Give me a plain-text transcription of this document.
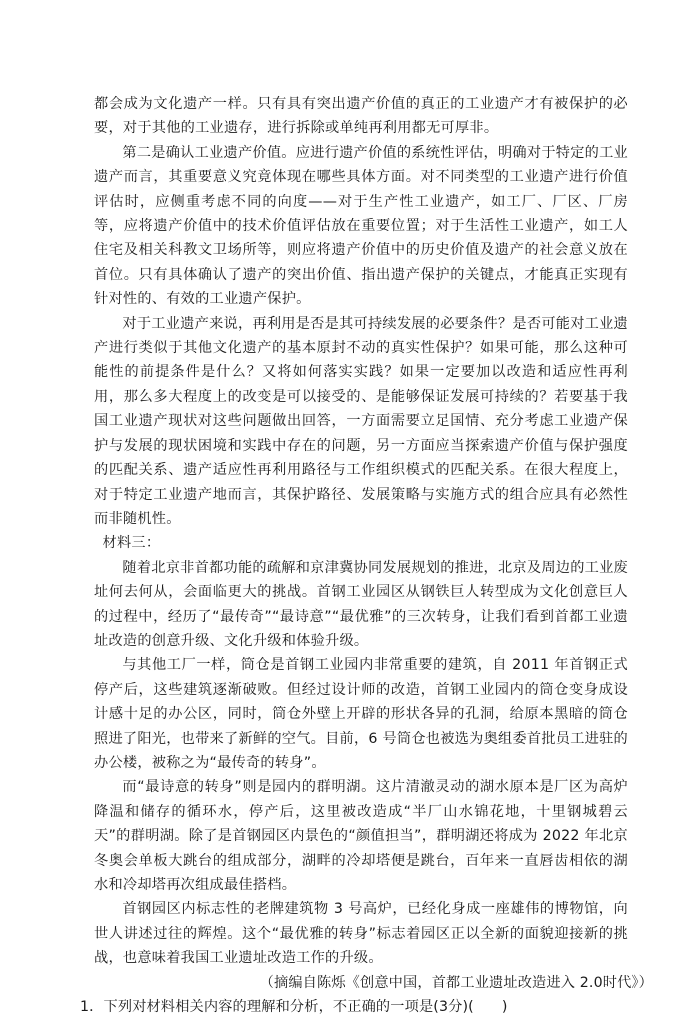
都会成为文化遗产一样。只有具有突出遗产价值的真正的工业遗产才有被保护的必要，对于其他的工业遗存，进行拆除或单纯再利用都无可厚非。

第二是确认工业遗产价值。应进行遗产价值的系统性评估，明确对于特定的工业遗产而言，其重要意义究竟体现在哪些具体方面。对不同类型的工业遗产进行价值评估时，应侧重考虑不同的向度——对于生产性工业遗产，如工厂、厂区、厂房等，应将遗产价值中的技术价值评估放在重要位置；对于生活性工业遗产，如工人住宅及相关科教文卫场所等，则应将遗产价值中的历史价值及遗产的社会意义放在首位。只有具体确认了遗产的突出价值、指出遗产保护的关键点，才能真正实现有针对性的、有效的工业遗产保护。

对于工业遗产来说，再利用是否是其可持续发展的必要条件？是否可能对工业遗产进行类似于其他文化遗产的基本原封不动的真实性保护？如果可能，那么这种可能性的前提条件是什么？又将如何落实实践？如果一定要加以改造和适应性再利用，那么多大程度上的改变是可以接受的、是能够保证发展可持续的？若要基于我国工业遗产现状对这些问题做出回答，一方面需要立足国情、充分考虑工业遗产保护与发展的现状困境和实践中存在的问题，另一方面应当探索遗产价值与保护强度的匹配关系、遗产适应性再利用路径与工作组织模式的匹配关系。在很大程度上，对于特定工业遗产地而言，其保护路径、发展策略与实施方式的组合应具有必然性而非随机性。

材料三：

随着北京非首都功能的疏解和京津冀协同发展规划的推进，北京及周边的工业废址何去何从，会面临更大的挑战。首钢工业园区从钢铁巨人转型成为文化创意巨人的过程中，经历了“最传奇”“最诗意”“最优雅”的三次转身，让我们看到首都工业遗址改造的创意升级、文化升级和体验升级。

与其他工厂一样，筒仓是首钢工业园内非常重要的建筑，自 2011 年首钢正式停产后，这些建筑逐渐破败。但经过设计师的改造，首钢工业园内的筒仓变身成设计感十足的办公区，同时，筒仓外壁上开辟的形状各异的孔洞，给原本黑暗的筒仓照进了阳光，也带来了新鲜的空气。目前，6 号筒仓也被选为奥组委首批员工进驻的办公楼，被称之为“最传奇的转身”。

而“最诗意的转身”则是园内的群明湖。这片清澈灵动的湖水原本是厂区为高炉降温和储存的循环水，停产后，这里被改造成“半厂山水锦花地，十里钢城碧云天”的群明湖。除了是首钢园区内景色的“颜值担当”，群明湖还将成为 2022 年北京冬奥会单板大跳台的组成部分，湖畔的冷却塔便是跳台，百年来一直唇齿相依的湖水和冷却塔再次组成最佳搭档。

首钢园区内标志性的老牌建筑物 3 号高炉，已经化身成一座雄伟的博物馆，向世人讲述过往的辉煌。这个“最优雅的转身”标志着园区正以全新的面貌迎接新的挑战，也意味着我国工业遗址改造工作的升级。

（摘编自陈烁《创意中国，首都工业遗址改造进入 2.0时代》）

1．下列对材料相关内容的理解和分析，不正确的一项是(3分)( )
